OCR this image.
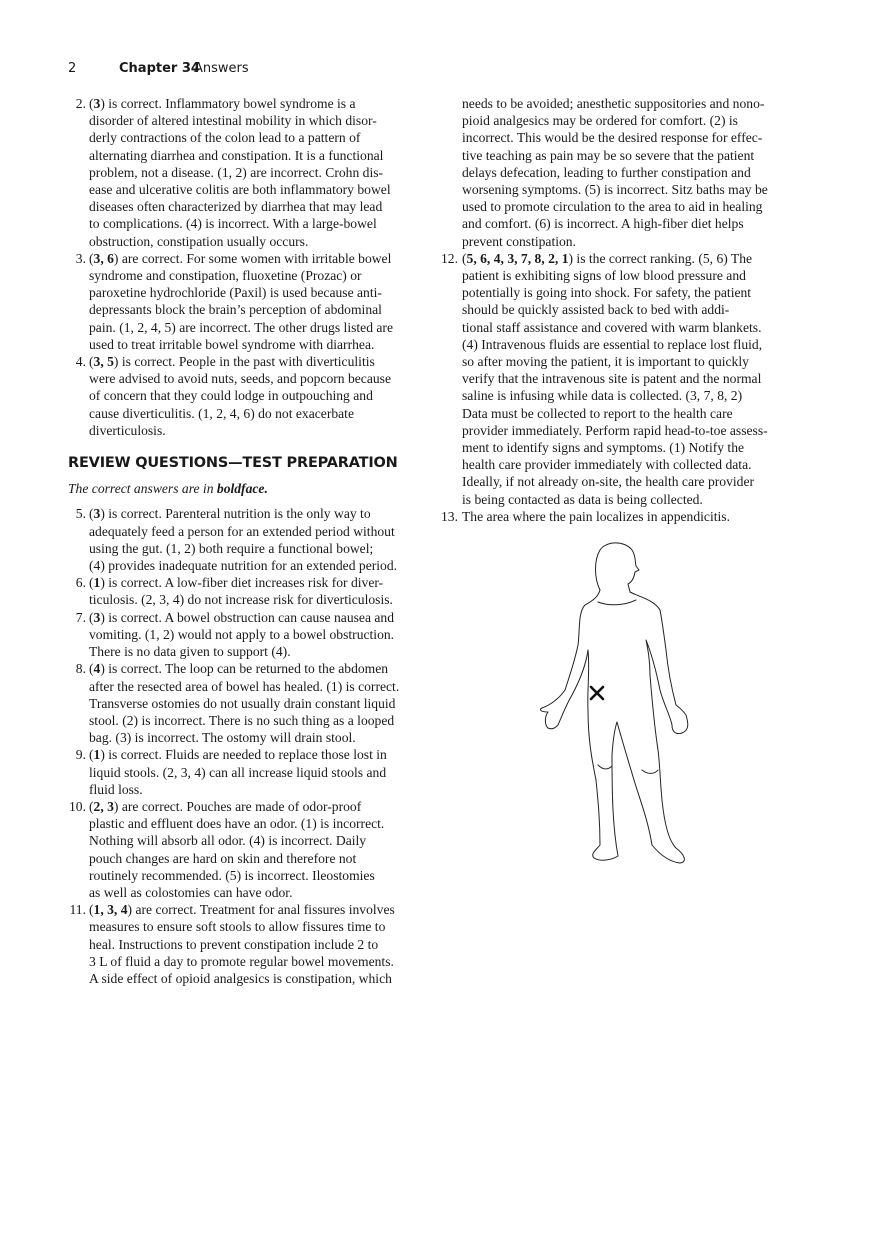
2	Chapter 34
Answers
2. (3) is correct. Inflammatory bowel syndrome is a
disorder of altered intestinal mobility in which disor-
derly contractions of the colon lead to a pattern of
alternating diarrhea and constipation. It is a functional
problem, not a disease. (1, 2) are incorrect. Crohn dis-
ease and ulcerative colitis are both inflammatory bowel
diseases often characterized by diarrhea that may lead
to complications. (4) is incorrect. With a large-bowel
obstruction, constipation usually occurs.
3. (3, 6) are correct. For some women with irritable bowel
syndrome and constipation, fluoxetine (Prozac) or
paroxetine hydrochloride (Paxil) is used because anti-
depressants block the brain’s perception of abdominal
pain. (1, 2, 4, 5) are incorrect. The other drugs listed are
used to treat irritable bowel syndrome with diarrhea.
4. (3, 5) is correct. People in the past with diverticulitis
were advised to avoid nuts, seeds, and popcorn because
of concern that they could lodge in outpouching and
cause diverticulitis. (1, 2, 4, 6) do not exacerbate
diverticulosis.
REVIEW QUESTIONS—TEST PREPARATION
The correct answers are in boldface.
5. (3) is correct. Parenteral nutrition is the only way to
adequately feed a person for an extended period without
using the gut. (1, 2) both require a functional bowel;
(4) provides inadequate nutrition for an extended period.
6. (1) is correct. A low-fiber diet increases risk for diver-
ticulosis. (2, 3, 4) do not increase risk for diverticulosis.
7. (3) is correct. A bowel obstruction can cause nausea and
vomiting. (1, 2) would not apply to a bowel obstruction.
There is no data given to support (4).
8. (4) is correct. The loop can be returned to the abdomen
after the resected area of bowel has healed. (1) is correct.
Transverse ostomies do not usually drain constant liquid
stool. (2) is incorrect. There is no such thing as a looped
bag. (3) is incorrect. The ostomy will drain stool.
9. (1) is correct. Fluids are needed to replace those lost in
liquid stools. (2, 3, 4) can all increase liquid stools and
fluid loss.
10. (2, 3) are correct. Pouches are made of odor-proof
plastic and effluent does have an odor. (1) is incorrect.
Nothing will absorb all odor. (4) is incorrect. Daily
pouch changes are hard on skin and therefore not
routinely recommended. (5) is incorrect. Ileostomies
as well as colostomies can have odor.
11. (1, 3, 4) are correct. Treatment for anal fissures involves
measures to ensure soft stools to allow fissures time to
heal. Instructions to prevent constipation include 2 to
3 L of fluid a day to promote regular bowel movements.
A side effect of opioid analgesics is constipation, which
needs to be avoided; anesthetic suppositories and nono-
pioid analgesics may be ordered for comfort. (2) is
incorrect. This would be the desired response for effec-
tive teaching as pain may be so severe that the patient
delays defecation, leading to further constipation and
worsening symptoms. (5) is incorrect. Sitz baths may be
used to promote circulation to the area to aid in healing
and comfort. (6) is incorrect. A high-fiber diet helps
prevent constipation.
12. (5, 6, 4, 3, 7, 8, 2, 1) is the correct ranking. (5, 6) The
patient is exhibiting signs of low blood pressure and
potentially is going into shock. For safety, the patient
should be quickly assisted back to bed with addi-
tional staff assistance and covered with warm blankets.
(4) Intravenous fluids are essential to replace lost fluid,
so after moving the patient, it is important to quickly
verify that the intravenous site is patent and the normal
saline is infusing while data is collected. (3, 7, 8, 2)
Data must be collected to report to the health care
provider immediately. Perform rapid head-to-toe assess-
ment to identify signs and symptoms. (1) Notify the
health care provider immediately with collected data.
Ideally, if not already on-site, the health care provider
is being contacted as data is being collected.
13. The area where the pain localizes in appendicitis.
